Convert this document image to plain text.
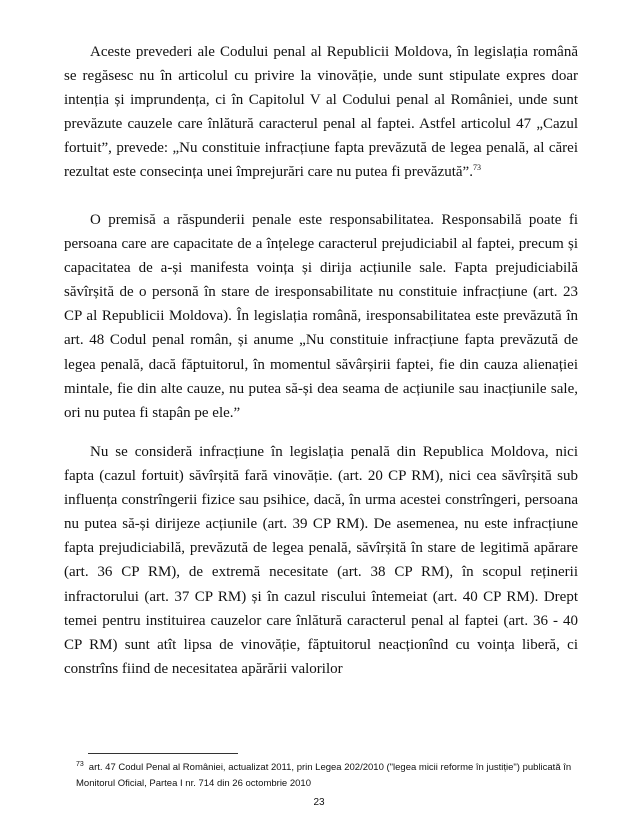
Aceste prevederi ale Codului penal al Republicii Moldova, în legislația română se regăsesc nu în articolul cu privire la vinovăție, unde sunt stipulate expres doar intenția și imprundența, ci în Capitolul V al Codului penal al României, unde sunt prevăzute cauzele care înlătură caracterul penal al faptei. Astfel articolul 47 „Cazul fortuit”, prevede: „Nu constituie infracțiune fapta prevăzută de legea penală, al cărei rezultat este consecința unei împrejurări care nu putea fi prevăzută”.$^{73}$

O premisă a răspunderii penale este responsabilitatea. Responsabilă poate fi persoana care are capacitate de a înțelege caracterul prejudiciabil al faptei, precum și capacitatea de a-și manifesta voința și dirija acțiunile sale. Fapta prejudiciabilă săvîrșită de o personă în stare de iresponsabilitate nu constituie infracțiune (art. 23 CP al Republicii Moldova). În legislația română, iresponsabilitatea este prevăzută în art. 48 Codul penal român, și anume „Nu constituie infracțiune fapta prevăzută de legea penală, dacă făptuitorul, în momentul săvârșirii faptei, fie din cauza alienației mintale, fie din alte cauze, nu putea să-și dea seama de acțiunile sau inacțiunile sale, ori nu putea fi stapân pe ele.”

Nu se consideră infracțiune în legislația penală din Republica Moldova, nici fapta (cazul fortuit) săvîrșită fară vinovăție. (art. 20 CP RM), nici cea săvîrșită sub influența constrîngerii fizice sau psihice, dacă, în urma acestei constrîngeri, persoana nu putea să-și dirijeze acțiunile (art. 39 CP RM). De asemenea, nu este infracțiune fapta prejudiciabilă, prevăzută de legea penală, săvîrșită în stare de legitimă apărare (art. 36 CP RM), de extremă necesitate (art. 38 CP RM), în scopul reținerii infractorului (art. 37 CP RM) și în cazul riscului întemeiat (art. 40 CP RM). Drept temei pentru instituirea cauzelor care înlătură caracterul penal al faptei (art. 36 - 40 CP RM) sunt atît lipsa de vinovăție, făptuitorul neacționînd cu voința liberă, ci constrîns fiind de necesitatea apărării valorilor

$^{73}$ art. 47 Codul Penal al României, actualizat 2011, prin Legea 202/2010 ("legea micii reforme în justiție") publicată în Monitorul Oficial, Partea I nr. 714 din 26 octombrie 2010

23
